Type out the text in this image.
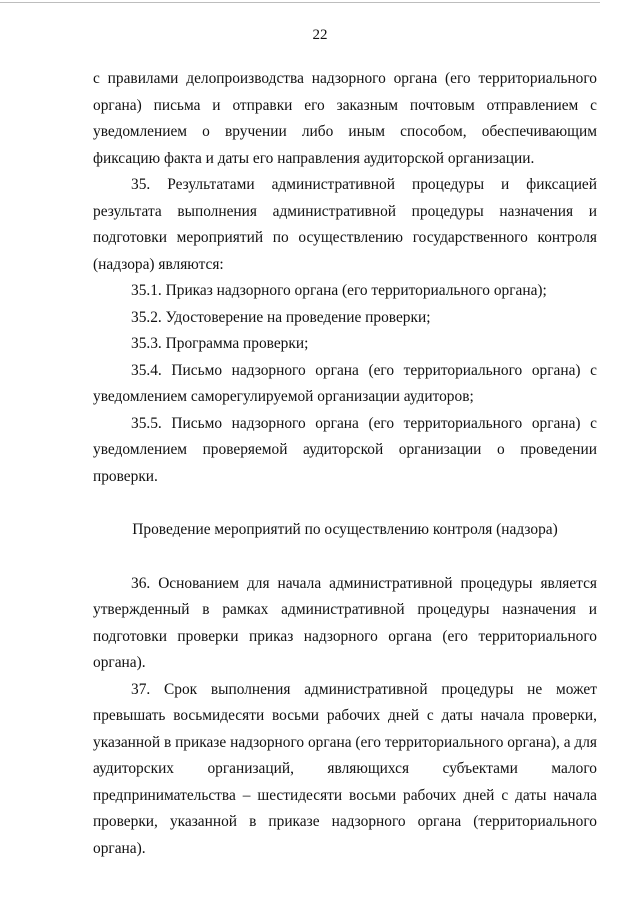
22

с правилами делопроизводства надзорного органа (его территориального органа) письма и отправки его заказным почтовым отправлением с уведомлением о вручении либо иным способом, обеспечивающим фиксацию факта и даты его направления аудиторской организации.

35. Результатами административной процедуры и фиксацией результата выполнения административной процедуры назначения и подготовки мероприятий по осуществлению государственного контроля (надзора) являются:

35.1. Приказ надзорного органа (его территориального органа);

35.2. Удостоверение на проведение проверки;

35.3. Программа проверки;

35.4. Письмо надзорного органа (его территориального органа) с уведомлением саморегулируемой организации аудиторов;

35.5. Письмо надзорного органа (его территориального органа) с уведомлением проверяемой аудиторской организации о проведении проверки.

Проведение мероприятий по осуществлению контроля (надзора)

36. Основанием для начала административной процедуры является утвержденный в рамках административной процедуры назначения и подготовки проверки приказ надзорного органа (его территориального органа).

37. Срок выполнения административной процедуры не может превышать восьмидесяти восьми рабочих дней с даты начала проверки, указанной в приказе надзорного органа (его территориального органа), а для аудиторских организаций, являющихся субъектами малого предпринимательства – шестидесяти восьми рабочих дней с даты начала проверки, указанной в приказе надзорного органа (территориального органа).
